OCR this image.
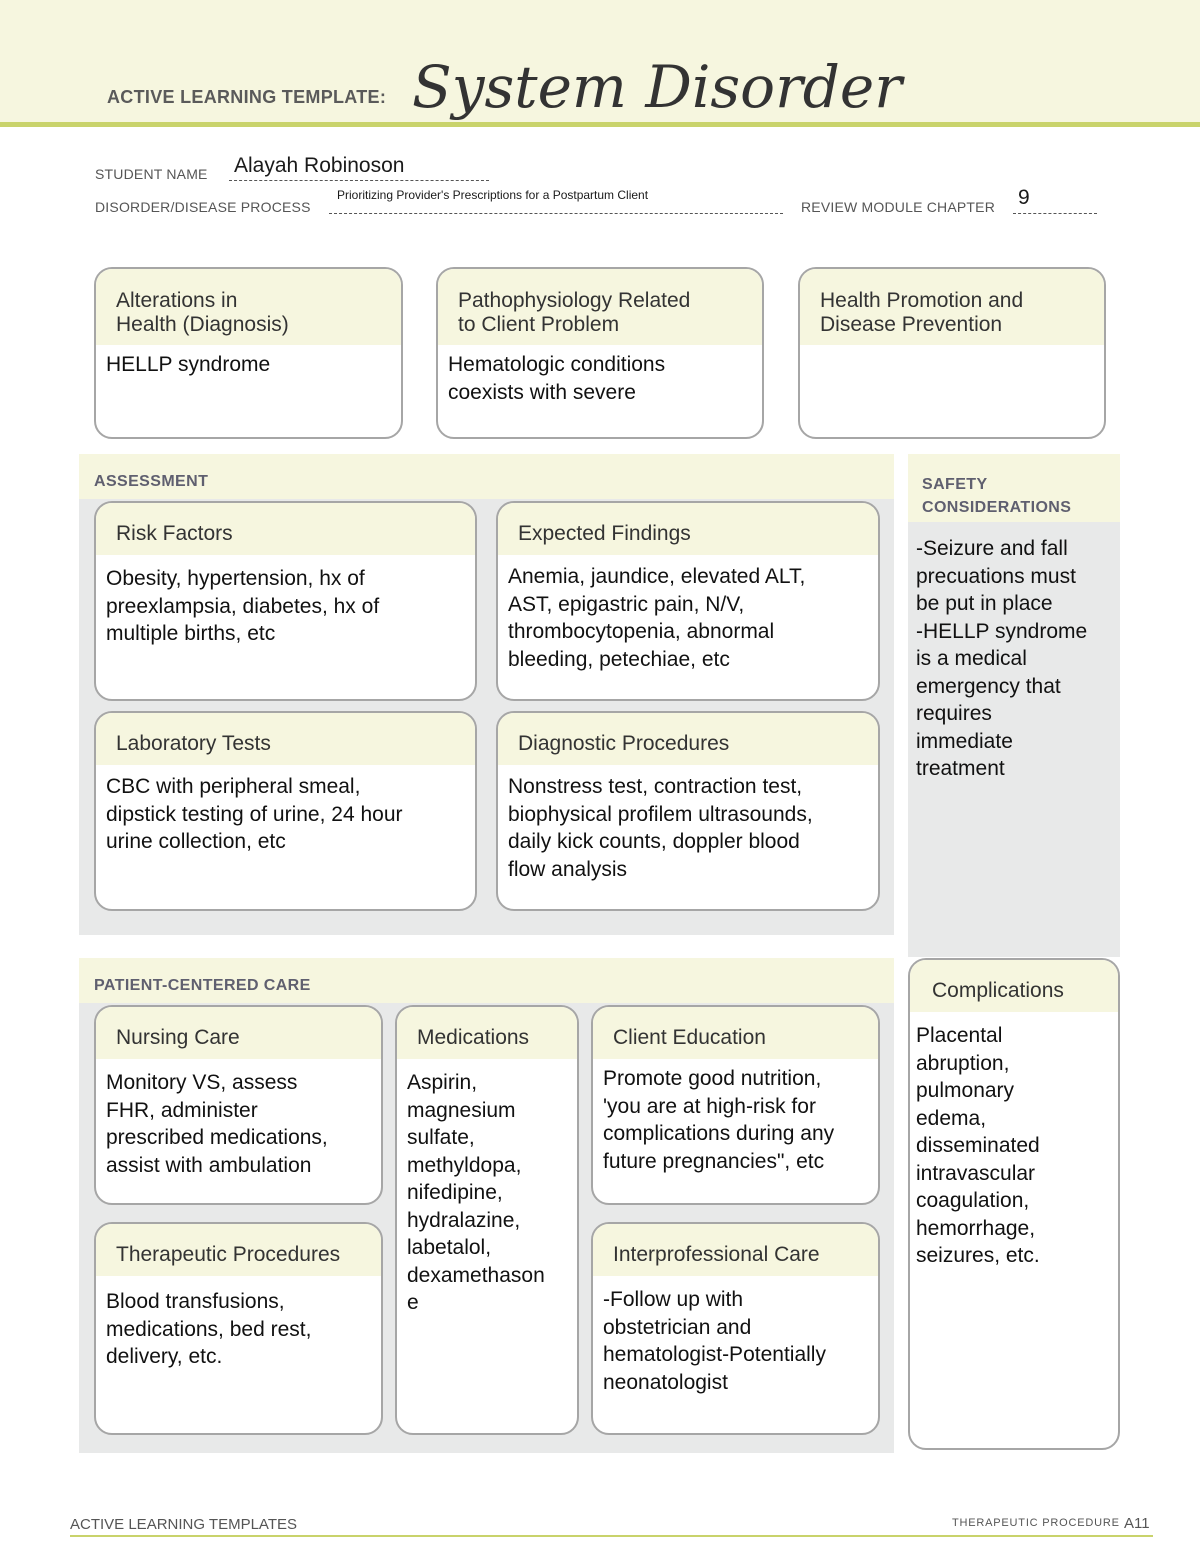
ACTIVE LEARNING TEMPLATE: System Disorder
STUDENT NAME Alayah Robinoson
DISORDER/DISEASE PROCESS
Prioritizing Provider's Prescriptions for a Postpartum Client
REVIEW MODULE CHAPTER 9
Alterations in
Health (Diagnosis)
HELLP syndrome
Pathophysiology Related
to Client Problem
Hematologic conditions
coexists with severe
Health Promotion and
Disease Prevention
ASSESSMENT
Risk Factors
Obesity, hypertension, hx of
preexlampsia, diabetes, hx of
multiple births, etc
Expected Findings
Anemia, jaundice, elevated ALT,
AST, epigastric pain, N/V,
thrombocytopenia, abnormal
bleeding, petechiae, etc
Laboratory Tests
CBC with peripheral smeal,
dipstick testing of urine, 24 hour
urine collection, etc
Diagnostic Procedures
Nonstress test, contraction test,
biophysical profilem ultrasounds,
daily kick counts, doppler blood
flow analysis
SAFETY
CONSIDERATIONS
-Seizure and fall
precuations must
be put in place
-HELLP syndrome
is a medical
emergency that
requires
immediate
treatment
PATIENT-CENTERED CARE
Nursing Care
Monitory VS, assess
FHR, administer
prescribed medications,
assist with ambulation
Medications
Aspirin,
magnesium
sulfate,
methyldopa,
nifedipine,
hydralazine,
labetalol,
dexamethason
e
Client Education
Promote good nutrition,
'you are at high-risk for
complications during any
future pregnancies", etc
Therapeutic Procedures
Blood transfusions,
medications, bed rest,
delivery, etc.
Interprofessional Care
-Follow up with
obstetrician and
hematologist-Potentially
neonatologist
Complications
Placental
abruption,
pulmonary
edema,
disseminated
intravascular
coagulation,
hemorrhage,
seizures, etc.
ACTIVE LEARNING TEMPLATES	THERAPEUTIC PROCEDURE A11
